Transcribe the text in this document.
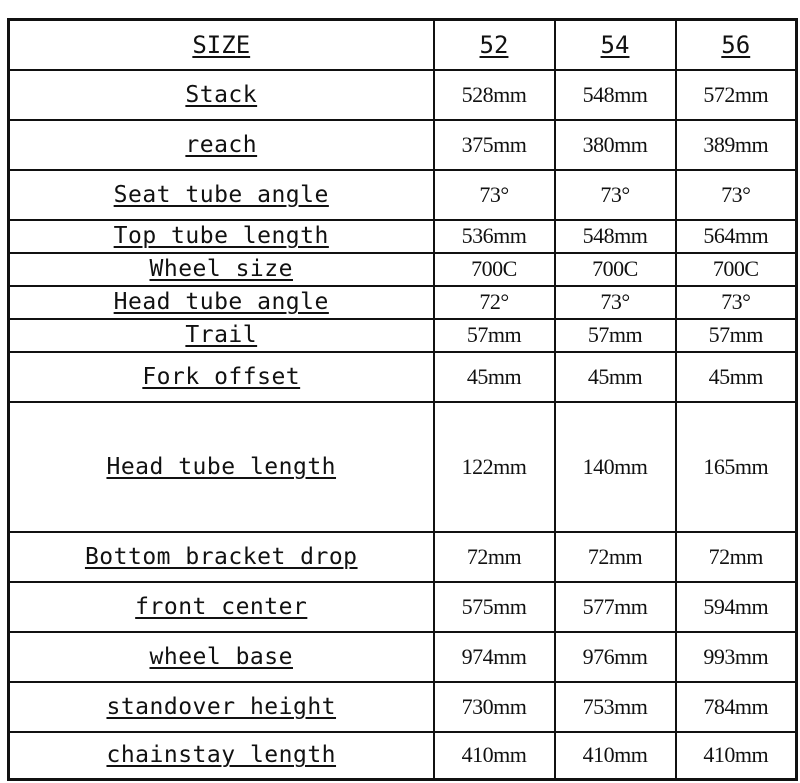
SIZE	52	54	56
Stack	528mm	548mm	572mm
reach	375mm	380mm	389mm
Seat tube angle	73°	73°	73°
Top tube length	536mm	548mm	564mm
Wheel size	700C	700C	700C
Head tube angle	72°	73°	73°
Trail	57mm	57mm	57mm
Fork offset	45mm	45mm	45mm
Head tube length	122mm	140mm	165mm
Bottom bracket drop	72mm	72mm	72mm
front center	575mm	577mm	594mm
wheel base	974mm	976mm	993mm
standover height	730mm	753mm	784mm
chainstay length	410mm	410mm	410mm
